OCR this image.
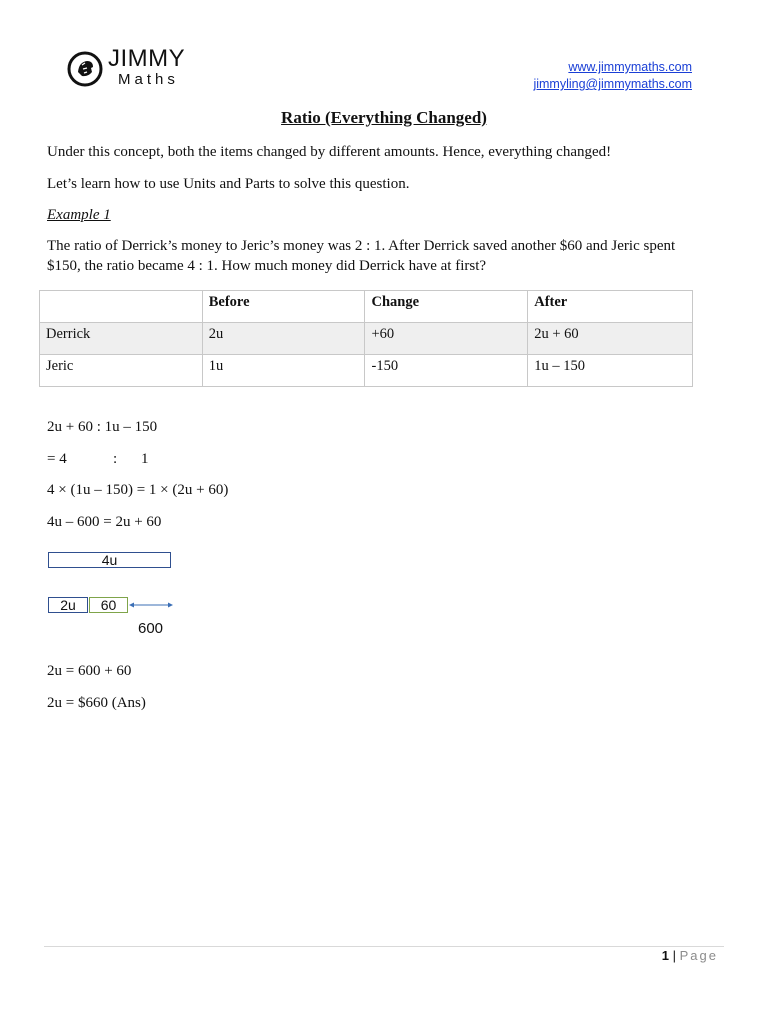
JIMMY
Maths
www.jimmymaths.com
jimmyling@jimmymaths.com
Ratio (Everything Changed)
Under this concept, both the items changed by different amounts. Hence, everything changed!
Let’s learn how to use Units and Parts to solve this question.
Example 1
The ratio of Derrick’s money to Jeric’s money was 2 : 1. After Derrick saved another $60 and Jeric spent
$150, the ratio became 4 : 1. How much money did Derrick have at first?
	Before	Change	After
Derrick	2u	+60	2u + 60
Jeric	1u	-150	1u – 150
2u + 60 : 1u – 150
= 4	: 1
4 × (1u – 150) = 1 × (2u + 60)
4u – 600 = 2u + 60
4u
2u	60
600
2u = 600 + 60
2u = $660 (Ans)
1 | Page
